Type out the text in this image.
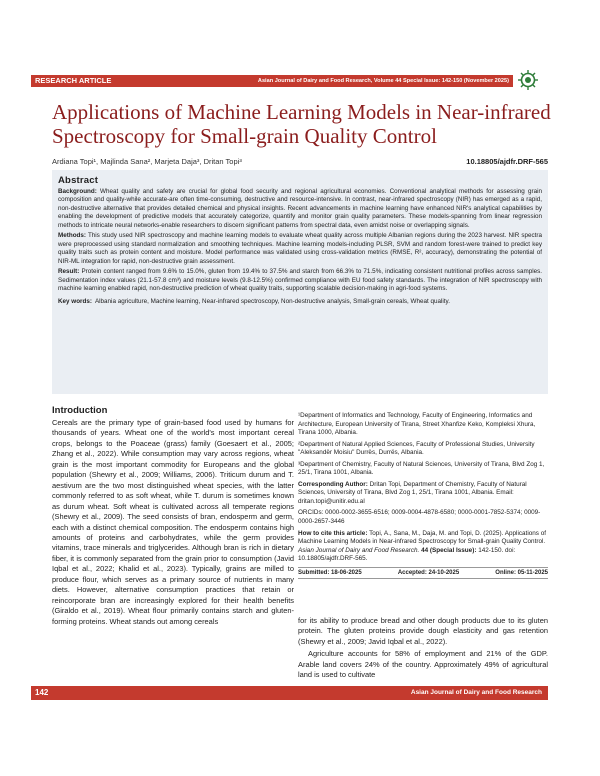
RESEARCH ARTICLE	Asian Journal of Dairy and Food Research, Volume 44 Special Issue: 142-150 (November 2025)
Applications of Machine Learning Models in Near-infrared Spectroscopy for Small-grain Quality Control
Ardiana Topi¹, Majlinda Sana², Marjeta Daja³, Dritan Topi³	10.18805/ajdfr.DRF-565
Abstract

Background: Wheat quality and safety are crucial for global food security and regional agricultural economies. Conventional analytical methods for assessing grain composition and quality-while accurate-are often time-consuming, destructive and resource-intensive. In contrast, near-infrared spectroscopy (NIR) has emerged as a rapid, non-destructive alternative that provides detailed chemical and physical insights. Recent advancements in machine learning have enhanced NIR's analytical capabilities by enabling the development of predictive models that accurately categorize, quantify and monitor grain quality parameters. These models-spanning from linear regression methods to intricate neural networks-enable researchers to discern significant patterns from spectral data, even amidst noise or overlapping signals.

Methods: This study used NIR spectroscopy and machine learning models to evaluate wheat quality across multiple Albanian regions during the 2023 harvest. NIR spectra were preprocessed using standard normalization and smoothing techniques. Machine learning models-including PLSR, SVM and random forest-were trained to predict key quality traits such as protein content and moisture. Model performance was validated using cross-validation metrics (RMSE, R², accuracy), demonstrating the potential of NIR-ML integration for rapid, non-destructive grain assessment.

Result: Protein content ranged from 9.6% to 15.0%, gluten from 19.4% to 37.5% and starch from 66.3% to 71.5%, indicating consistent nutritional profiles across samples. Sedimentation index values (21.1-57.8 cm³) and moisture levels (9.8-12.5%) confirmed compliance with EU food safety standards. The integration of NIR spectroscopy with machine learning enabled rapid, non-destructive prediction of wheat quality traits, supporting scalable decision-making in agri-food systems.

Key words: Albania agriculture, Machine learning, Near-infrared spectroscopy, Non-destructive analysis, Small-grain cereals, Wheat quality.
Introduction
Cereals are the primary type of grain-based food used by humans for thousands of years. Wheat one of the world's most important cereal crops, belongs to the Poaceae (grass) family (Goesaert et al., 2005; Zhang et al., 2022). While consumption may vary across regions, wheat grain is the most important commodity for Europeans and the global population (Shewry et al., 2009; Williams, 2006). Triticum durum and T. aestivum are the two most distinguished wheat species, with the latter commonly referred to as soft wheat, while T. durum is sometimes known as durum wheat. Soft wheat is cultivated across all temperate regions (Shewry et al., 2009). The seed consists of bran, endosperm and germ, each with a distinct chemical composition. The endosperm contains high amounts of proteins and carbohydrates, while the germ provides vitamins, trace minerals and triglycerides. Although bran is rich in dietary fiber, it is commonly separated from the grain prior to consumption (Javid Iqbal et al., 2022; Khalid et al., 2023). Typically, grains are milled to produce flour, which serves as a primary source of nutrients in many diets. However, alternative consumption practices that retain or reincorporate bran are increasingly explored for their health benefits (Giraldo et al., 2019). Wheat flour primarily contains starch and gluten-forming proteins. Wheat stands out among cereals

¹Department of Informatics and Technology, Faculty of Engineering, Informatics and Architecture, European University of Tirana, Street Xhanfize Keko, Kompleksi Xhura, Tirana 1000, Albania.

²Department of Natural Applied Sciences, Faculty of Professional Studies, University "Aleksandër Moisiu" Durrës, Durrës, Albania.

³Department of Chemistry, Faculty of Natural Sciences, University of Tirana, Blvd Zog 1, 25/1, Tirana 1001, Albania.

Corresponding Author: Dritan Topi, Department of Chemistry, Faculty of Natural Sciences, University of Tirana, Blvd Zog 1, 25/1, Tirana 1001, Albania. Email: dritan.topi@unitir.edu.al

ORCIDs: 0000-0002-3655-6516; 0009-0004-4878-6580; 0000-0001-7852-5374; 0009-0000-2657-3446

How to cite this article: Topi, A., Sana, M., Daja, M. and Topi, D. (2025). Applications of Machine Learning Models in Near-infrared Spectroscopy for Small-grain Quality Control. Asian Journal of Dairy and Food Research. 44 (Special Issue): 142-150. doi: 10.18805/ajdfr.DRF-565.

Submitted: 18-06-2025	Accepted: 24-10-2025	Online: 05-11-2025

for its ability to produce bread and other dough products due to its gluten protein. The gluten proteins provide dough elasticity and gas retention (Shewry et al., 2009; Javid Iqbal et al., 2022).

Agriculture accounts for 58% of employment and 21% of the GDP. Arable land covers 24% of the country. Approximately 49% of agricultural land is used to cultivate

142	Asian Journal of Dairy and Food Research
